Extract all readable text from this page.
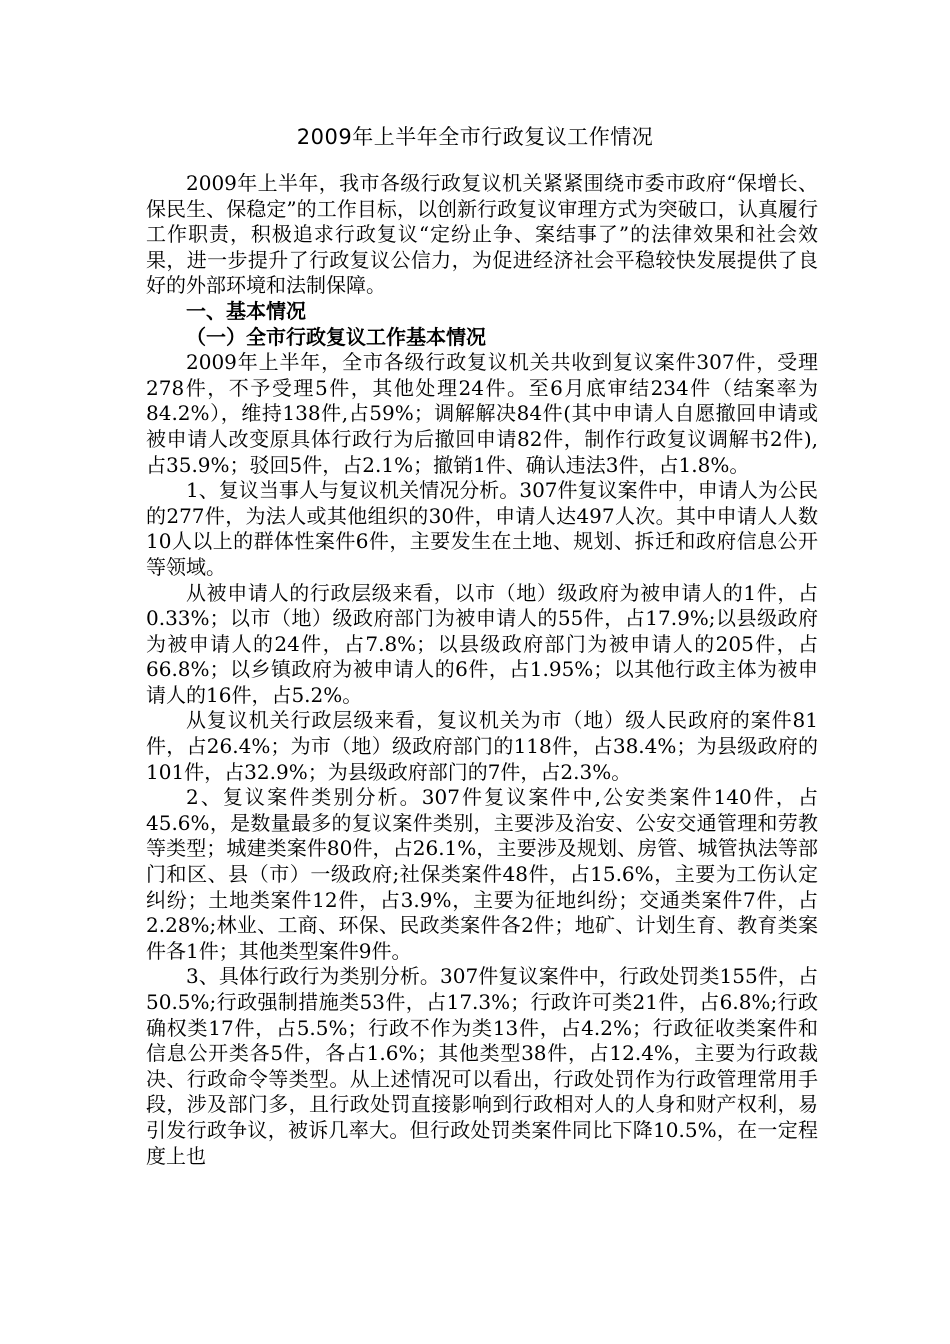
2009年上半年全市行政复议工作情况

2009年上半年，我市各级行政复议机关紧紧围绕市委市政府“保增长、保民生、保稳定”的工作目标，以创新行政复议审理方式为突破口，认真履行工作职责，积极追求行政复议“定纷止争、案结事了”的法律效果和社会效果，进一步提升了行政复议公信力，为促进经济社会平稳较快发展提供了良好的外部环境和法制保障。

一、基本情况
（一）全市行政复议工作基本情况

2009年上半年，全市各级行政复议机关共收到复议案件307件，受理278件，不予受理5件，其他处理24件。至6月底审结234件（结案率为84.2%），维持138件,占59%；调解解决84件(其中申请人自愿撤回申请或被申请人改变原具体行政行为后撤回申请82件，制作行政复议调解书2件),占35.9%；驳回5件，占2.1%；撤销1件、确认违法3件，占1.8%。

1、复议当事人与复议机关情况分析。307件复议案件中，申请人为公民的277件，为法人或其他组织的30件，申请人达497人次。其中申请人人数10人以上的群体性案件6件，主要发生在土地、规划、拆迁和政府信息公开等领域。

从被申请人的行政层级来看，以市（地）级政府为被申请人的1件，占0.33%；以市（地）级政府部门为被申请人的55件，占17.9%;以县级政府为被申请人的24件，占7.8%；以县级政府部门为被申请人的205件，占66.8%；以乡镇政府为被申请人的6件，占1.95%；以其他行政主体为被申请人的16件，占5.2%。

从复议机关行政层级来看，复议机关为市（地）级人民政府的案件81件，占26.4%；为市（地）级政府部门的118件，占38.4%；为县级政府的101件，占32.9%；为县级政府部门的7件，占2.3%。

2、复议案件类别分析。307件复议案件中,公安类案件140件，占45.6%，是数量最多的复议案件类别，主要涉及治安、公安交通管理和劳教等类型；城建类案件80件，占26.1%，主要涉及规划、房管、城管执法等部门和区、县（市）一级政府;社保类案件48件，占15.6%，主要为工伤认定纠纷；土地类案件12件，占3.9%，主要为征地纠纷；交通类案件7件，占2.28%;林业、工商、环保、民政类案件各2件；地矿、计划生育、教育类案件各1件；其他类型案件9件。

3、具体行政行为类别分析。307件复议案件中，行政处罚类155件，占50.5%;行政强制措施类53件，占17.3%；行政许可类21件，占6.8%;行政确权类17件，占5.5%；行政不作为类13件，占4.2%；行政征收类案件和信息公开类各5件，各占1.6%；其他类型38件，占12.4%，主要为行政裁决、行政命令等类型。从上述情况可以看出，行政处罚作为行政管理常用手段，涉及部门多，且行政处罚直接影响到行政相对人的人身和财产权利，易引发行政争议，被诉几率大。但行政处罚类案件同比下降10.5%，在一定程度上也
